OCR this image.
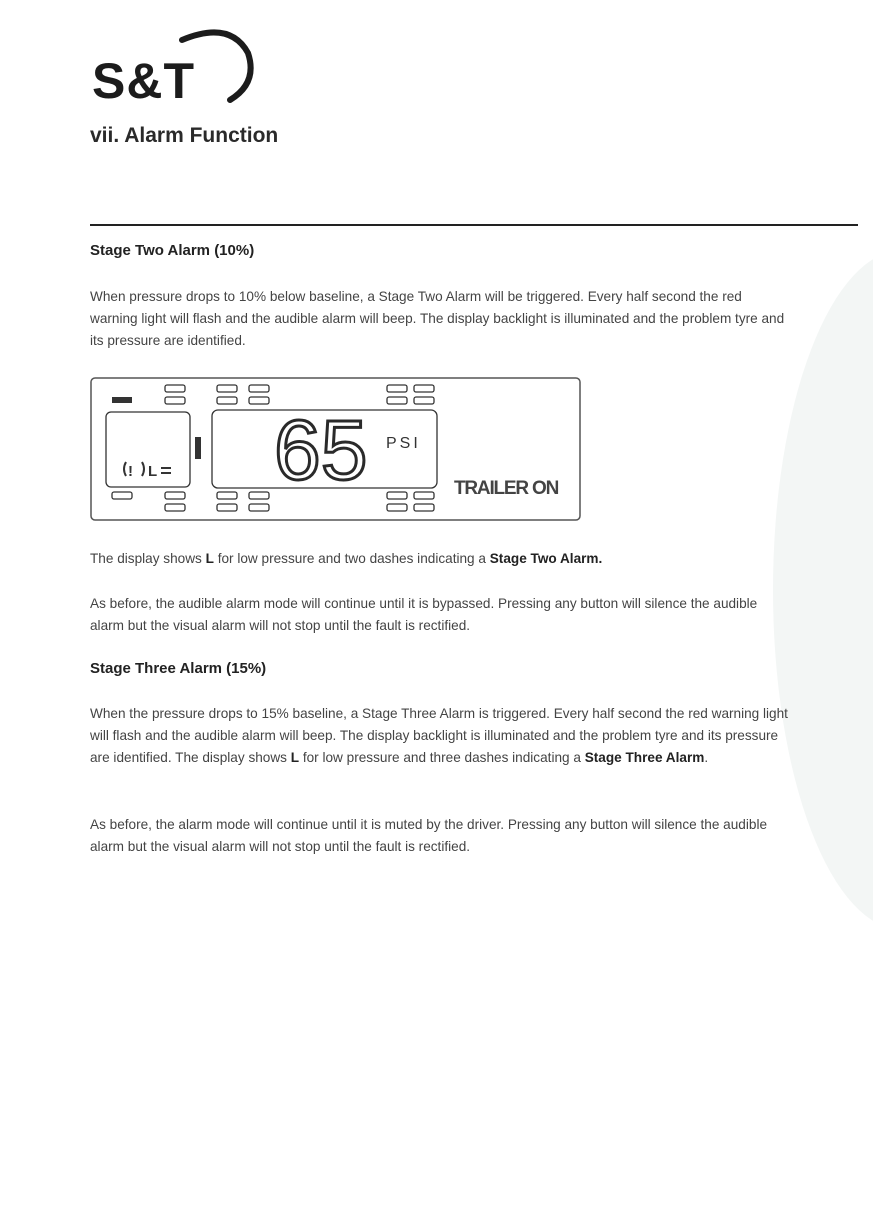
S&T
vii. Alarm Function
Stage Two Alarm (10%)

When pressure drops to 10% below baseline, a Stage Two Alarm will be triggered. Every half second the red warning light will flash and the audible alarm will beep. The display backlight is illuminated and the problem tyre and its pressure are identified.

! L 65 PSI
TRAILER ON

The display shows L for low pressure and two dashes indicating a Stage Two Alarm.

As before, the audible alarm mode will continue until it is bypassed. Pressing any button will silence the audible alarm but the visual alarm will not stop until the fault is rectified.

Stage Three Alarm (15%)

When the pressure drops to 15% baseline, a Stage Three Alarm is triggered. Every half second the red warning light will flash and the audible alarm will beep. The display backlight is illuminated and the problem tyre and its pressure are identified. The display shows L for low pressure and three dashes indicating a Stage Three Alarm.

As before, the alarm mode will continue until it is muted by the driver. Pressing any button will silence the audible alarm but the visual alarm will not stop until the fault is rectified.
